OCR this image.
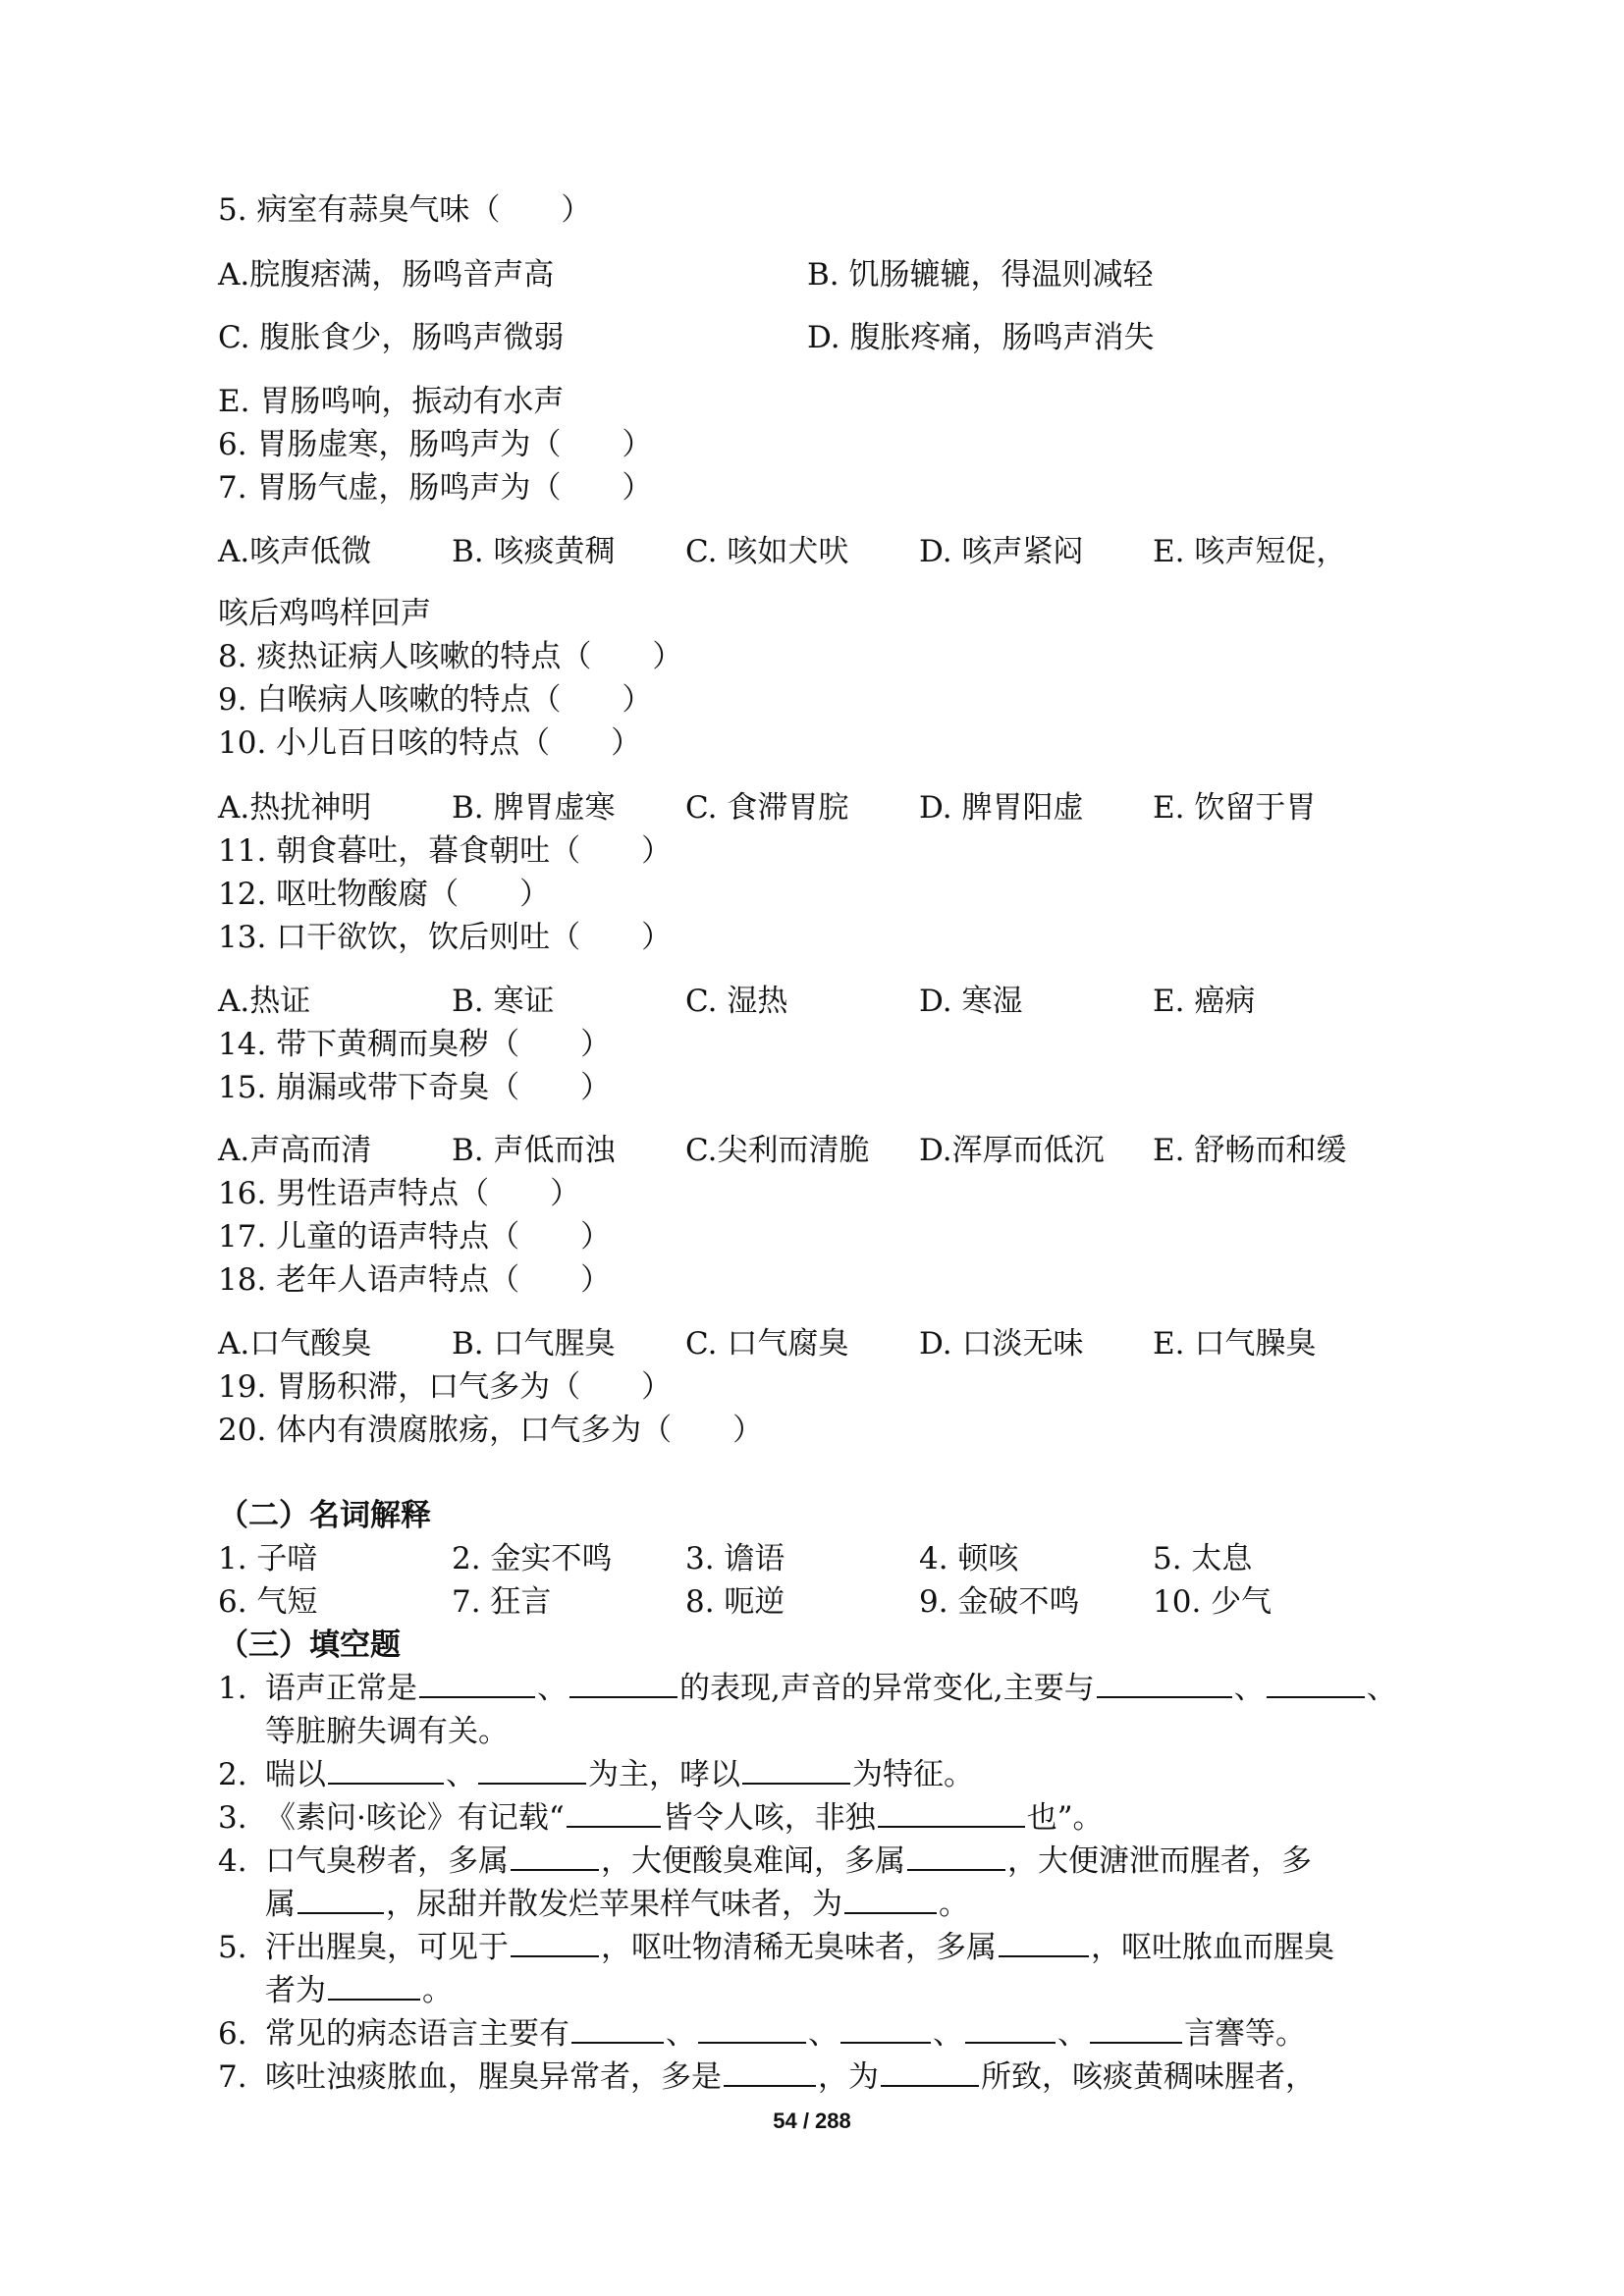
5. 病室有蒜臭气味（　　）
A.脘腹痞满，肠鸣音声高	B. 饥肠辘辘，得温则减轻
C. 腹胀食少，肠鸣声微弱	D. 腹胀疼痛，肠鸣声消失
E. 胃肠鸣响，振动有水声
6. 胃肠虚寒，肠鸣声为（　　）
7. 胃肠气虚，肠鸣声为（　　）
A.咳声低微	B. 咳痰黄稠 C. 咳如犬吠 D. 咳声紧闷 E. 咳声短促，
咳后鸡鸣样回声
8. 痰热证病人咳嗽的特点（　　）
9. 白喉病人咳嗽的特点（　　）
10. 小儿百日咳的特点（　　）
A.热扰神明	B. 脾胃虚寒 C. 食滞胃脘 D. 脾胃阳虚 E. 饮留于胃
11. 朝食暮吐，暮食朝吐（　　）
12. 呕吐物酸腐（　　）
13. 口干欲饮，饮后则吐（　　）
A.热证	B. 寒证	C. 湿热	D. 寒湿	E. 癌病
14. 带下黄稠而臭秽（　　）
15. 崩漏或带下奇臭（　　）
A.声高而清	B. 声低而浊 C.尖利而清脆 D.浑厚而低沉 E. 舒畅而和缓
16. 男性语声特点（　　）
17. 儿童的语声特点（　　）
18. 老年人语声特点（　　）
A.口气酸臭	B. 口气腥臭 C. 口气腐臭 D. 口淡无味 E. 口气臊臭
19. 胃肠积滞，口气多为（　　）
20. 体内有溃腐脓疡，口气多为（　　）
（二）名词解释
1. 子喑	2. 金实不鸣 3. 谵语	4. 顿咳	5. 太息
6. 气短	7. 狂言	8. 呃逆	9. 金破不鸣 10. 少气
（三）填空题
1. 语声正常是	、	的表现,声音的异常变化,主要与	、	、
等脏腑失调有关。
2. 喘以	、	为主，哮以	为特征。
3. 《素问·咳论》有记载“	皆令人咳，非独	也”。
4. 口气臭秽者，多属	，大便酸臭难闻，多属	，大便溏泄而腥者，多
属	，尿甜并散发烂苹果样气味者，为	。
5. 汗出腥臭，可见于	，呕吐物清稀无臭味者，多属	，呕吐脓血而腥臭
者为	。
6. 常见的病态语言主要有	、	、	、	、	言謇等。
7. 咳吐浊痰脓血，腥臭异常者，多是	，为	所致，咳痰黄稠味腥者，
54 / 288
